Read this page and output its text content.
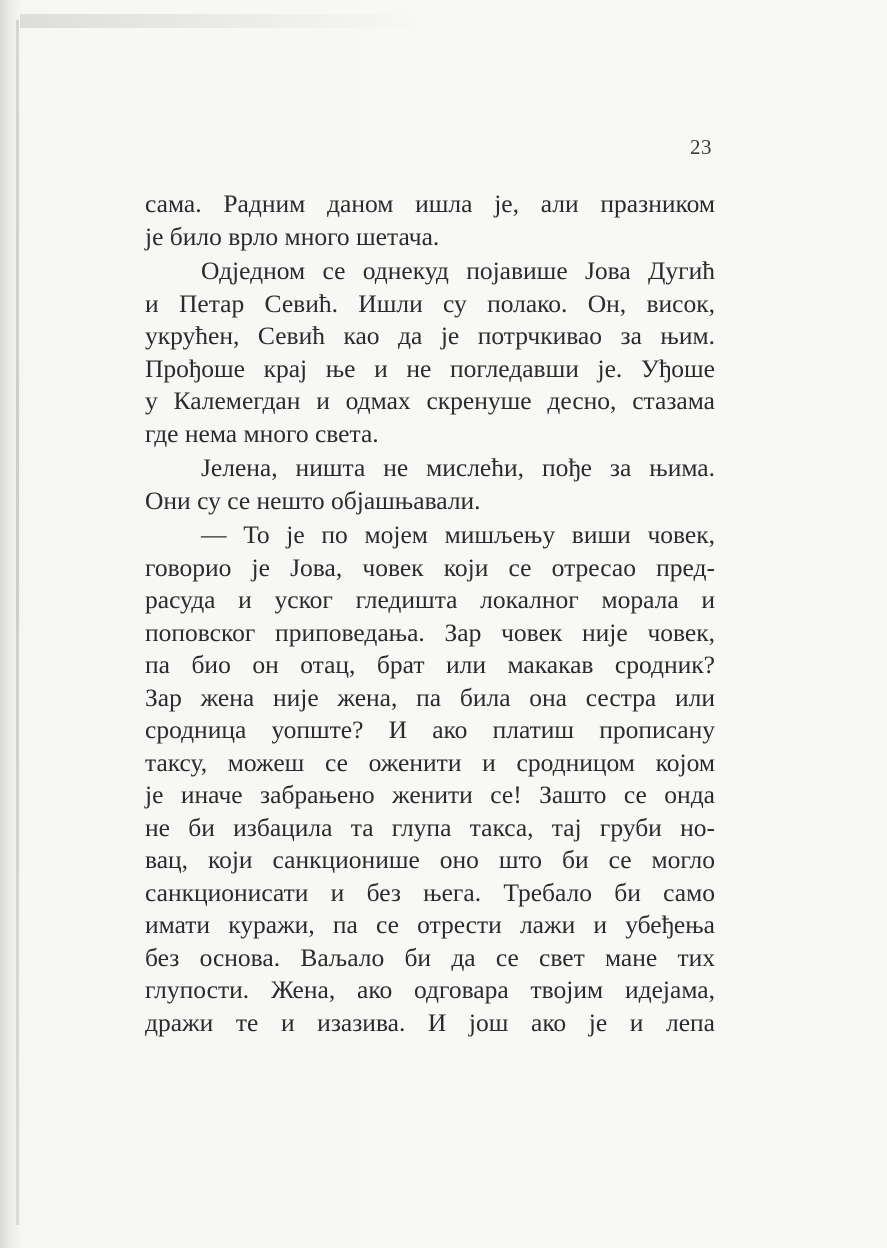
23
сама. Радним даном ишла је, али празником
је било врло много шетача.
Одједном се однекуд појавише Јова Дугић
и Петар Севић. Ишли су полако. Он, висок,
укрућен, Севић као да је потрчкивао за њим.
Прођоше крај ње и не погледавши је. Уђоше
у Калемегдан и одмах скренуше десно, стазама
где нема много света.
Јелена, ништа не мислећи, пође за њима.
Они су се нешто објашњавали.
— То је по мојем мишљењу виши човек,
говорио је Јова, човек који се отресао пред-
расуда и уског гледишта локалног морала и
поповског приповедања. Зар човек није човек,
па био он отац, брат или макакав сродник?
Зар жена није жена, па била она сестра или
сродница уопште? И ако платиш прописану
таксу, можеш се оженити и сродницом којом
је иначе забрањено женити се! Зашто се онда
не би избацила та глупа такса, тај груби но-
вац, који санкционише оно што би се могло
санкционисати и без њега. Требало би само
имати куражи, па се отрести лажи и убеђења
без основа. Ваљало би да се свет мане тих
глупости. Жена, ако одговара твојим идејама,
дражи те и изазива. И још ако је и лепа
